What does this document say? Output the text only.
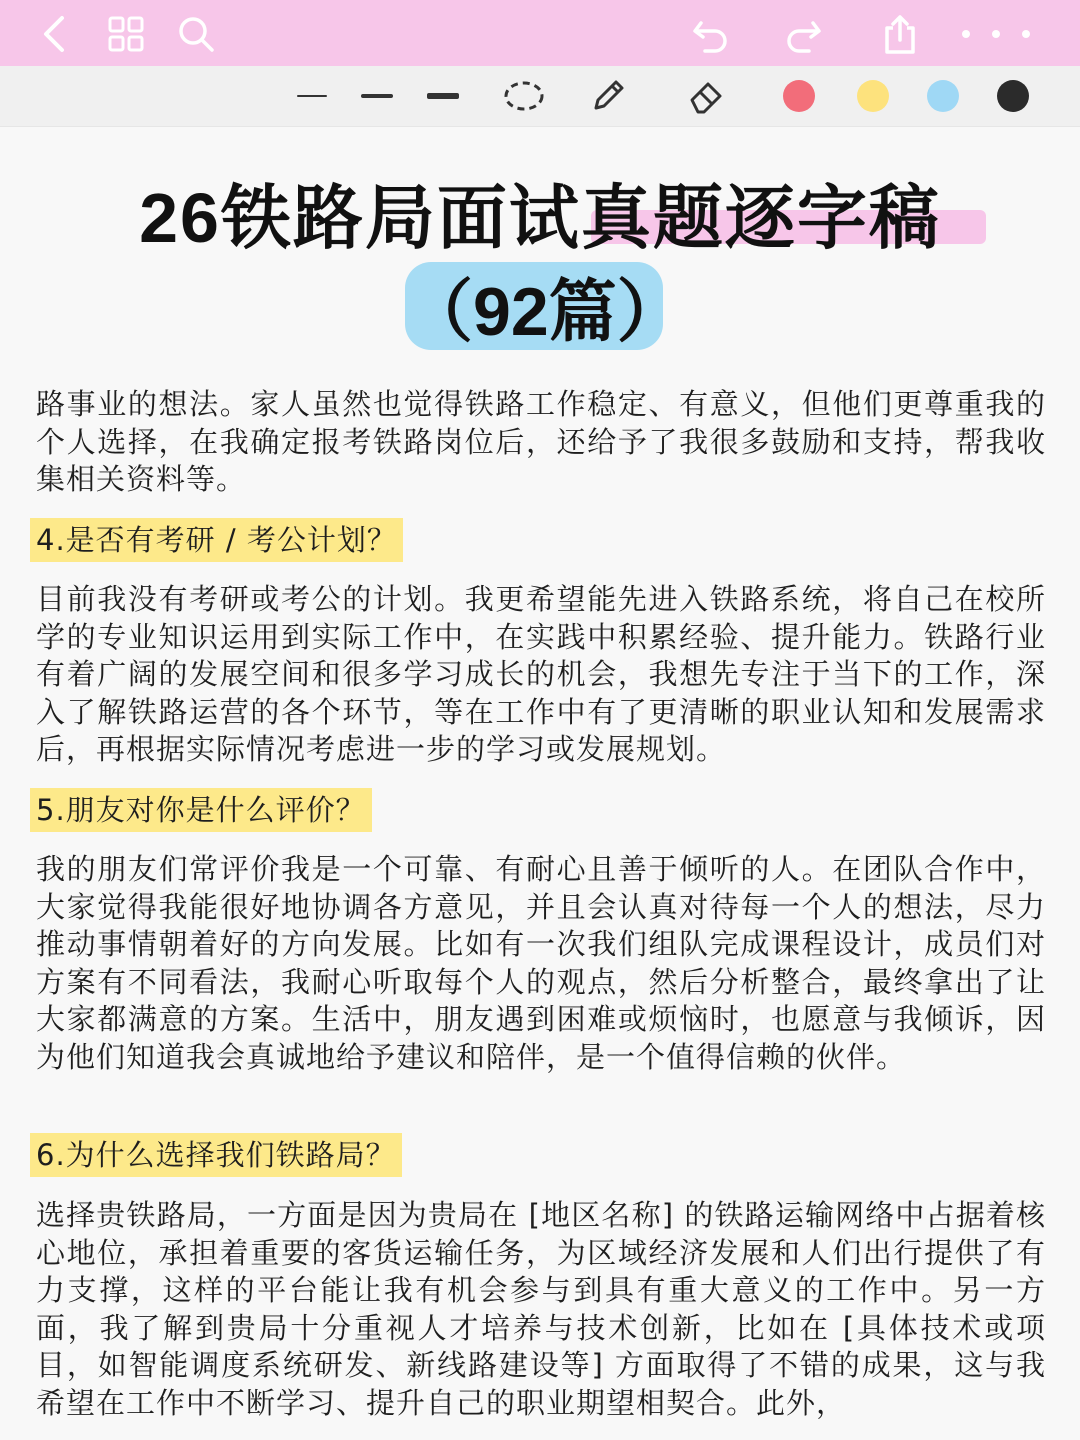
26铁路局面试真题逐字稿
（92篇）
路事业的想法。家人虽然也觉得铁路工作稳定、有意义，但他们更尊重我的个人选择，在我确定报考铁路岗位后，还给予了我很多鼓励和支持，帮我收集相关资料等。
4.是否有考研 / 考公计划？
目前我没有考研或考公的计划。我更希望能先进入铁路系统，将自己在校所学的专业知识运用到实际工作中，在实践中积累经验、提升能力。铁路行业有着广阔的发展空间和很多学习成长的机会，我想先专注于当下的工作，深入了解铁路运营的各个环节，等在工作中有了更清晰的职业认知和发展需求后，再根据实际情况考虑进一步的学习或发展规划。
5.朋友对你是什么评价？
我的朋友们常评价我是一个可靠、有耐心且善于倾听的人。在团队合作中，大家觉得我能很好地协调各方意见，并且会认真对待每一个人的想法，尽力推动事情朝着好的方向发展。比如有一次我们组队完成课程设计，成员们对方案有不同看法，我耐心听取每个人的观点，然后分析整合，最终拿出了让大家都满意的方案。生活中，朋友遇到困难或烦恼时，也愿意与我倾诉，因为他们知道我会真诚地给予建议和陪伴，是一个值得信赖的伙伴。
6.为什么选择我们铁路局？
选择贵铁路局，一方面是因为贵局在 [地区名称] 的铁路运输网络中占据着核心地位，承担着重要的客货运输任务，为区域经济发展和人们出行提供了有力支撑，这样的平台能让我有机会参与到具有重大意义的工作中。另一方面，我了解到贵局十分重视人才培养与技术创新，比如在 [具体技术或项目，如智能调度系统研发、新线路建设等] 方面取得了不错的成果，这与我希望在工作中不断学习、提升自己的职业期望相契合。此外，
